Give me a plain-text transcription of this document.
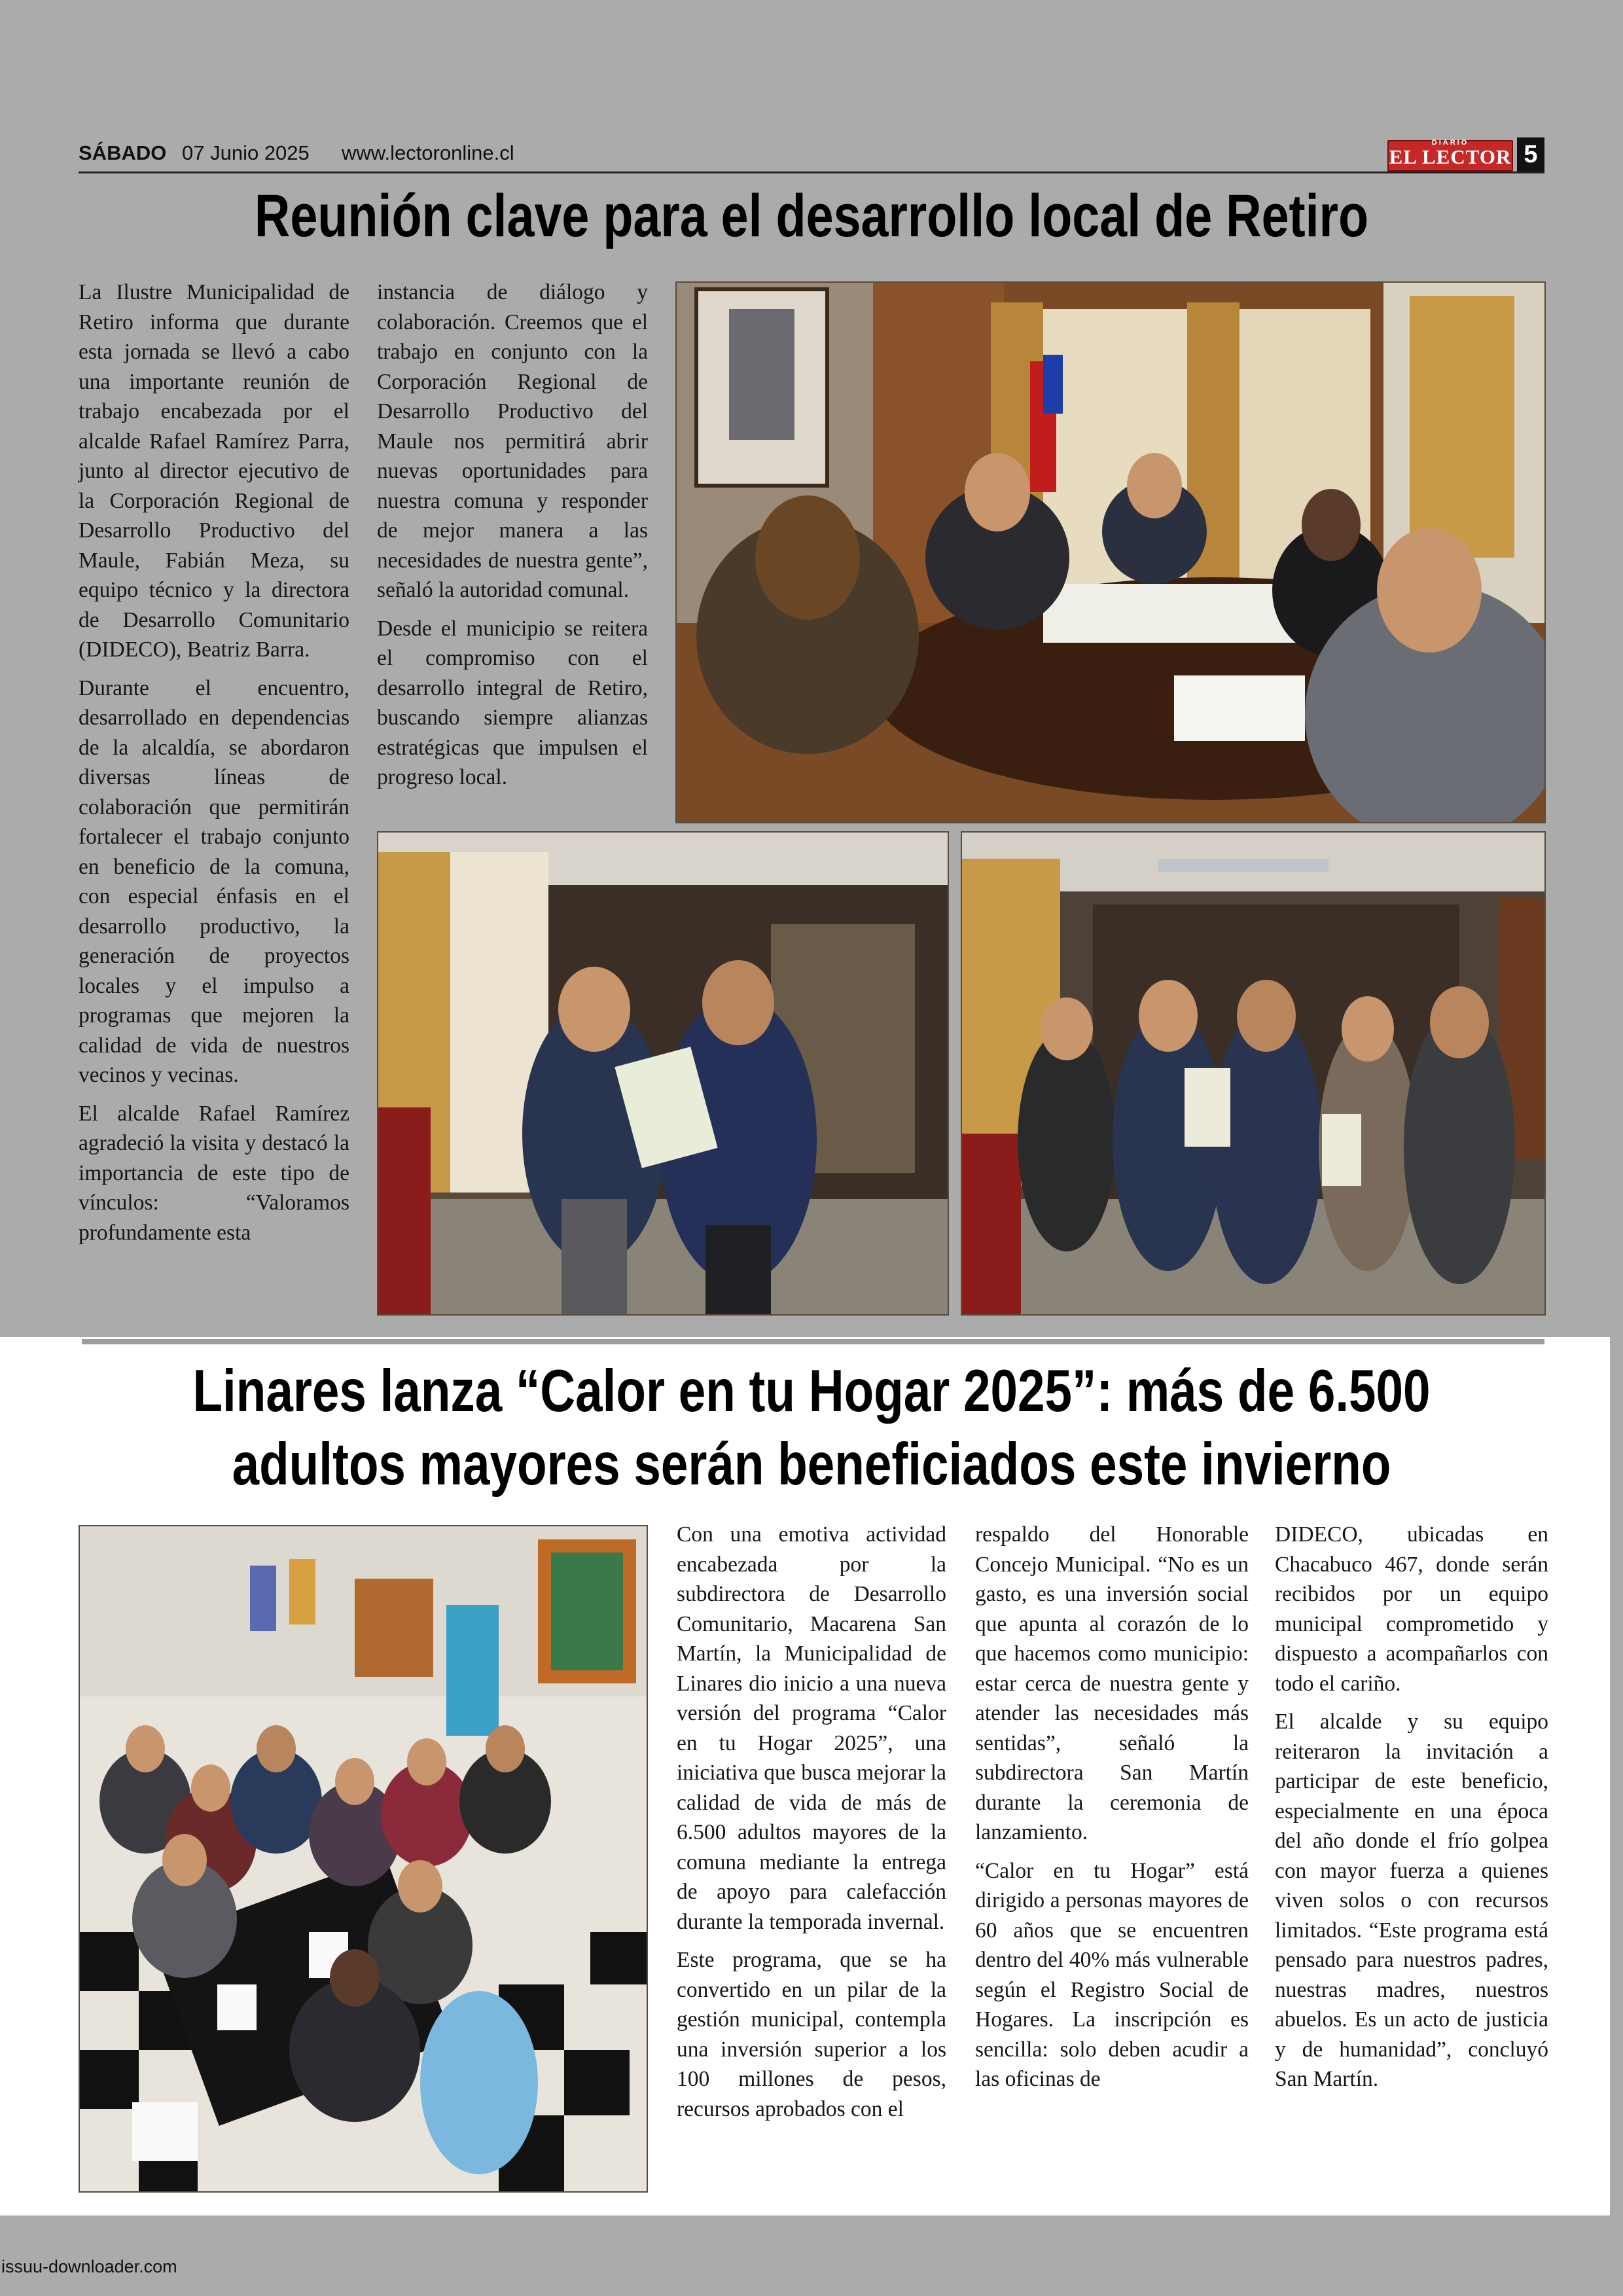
SÁBADO 07 Junio 2025 www.lectoronline.cl	DIARIO
EL LECTOR 5
Reunión clave para el desarrollo local de Retiro

La Ilustre Municipalidad de Retiro informa que durante esta jornada se llevó a cabo una importante reunión de trabajo encabezada por el alcalde Rafael Ramírez Parra, junto al director ejecutivo de la Corporación Regional de Desarrollo Productivo del Maule, Fabián Meza, su equipo técnico y la directora de Desarrollo Comunitario (DIDECO), Beatriz Barra.

Durante el encuentro, desarrollado en dependencias de la alcaldía, se abordaron diversas líneas de colaboración que permitirán fortalecer el trabajo conjunto en beneficio de la comuna, con especial énfasis en el desarrollo productivo, la generación de proyectos locales y el impulso a programas que mejoren la calidad de vida de nuestros vecinos y vecinas.

El alcalde Rafael Ramírez agradeció la visita y destacó la importancia de este tipo de vínculos: “Valoramos profundamente esta

instancia de diálogo y colaboración. Creemos que el trabajo en conjunto con la Corporación Regional de Desarrollo Productivo del Maule nos permitirá abrir nuevas oportunidades para nuestra comuna y responder de mejor manera a las necesidades de nuestra gente”, señaló la autoridad comunal.

Desde el municipio se reitera el compromiso con el desarrollo integral de Retiro, buscando siempre alianzas estratégicas que impulsen el progreso local.

Linares lanza “Calor en tu Hogar 2025”: más de 6.500
adultos mayores serán beneficiados este invierno

Con una emotiva actividad encabezada por la subdirectora de Desarrollo Comunitario, Macarena San Martín, la Municipalidad de Linares dio inicio a una nueva versión del programa “Calor en tu Hogar 2025”, una iniciativa que busca mejorar la calidad de vida de más de 6.500 adultos mayores de la comuna mediante la entrega de apoyo para calefacción durante la temporada invernal.

Este programa, que se ha convertido en un pilar de la gestión municipal, contempla una inversión superior a los 100 millones de pesos, recursos aprobados con el

respaldo del Honorable Concejo Municipal. “No es un gasto, es una inversión social que apunta al corazón de lo que hacemos como municipio: estar cerca de nuestra gente y atender las necesidades más sentidas”, señaló la subdirectora San Martín durante la ceremonia de lanzamiento.

“Calor en tu Hogar” está dirigido a personas mayores de 60 años que se encuentren dentro del 40% más vulnerable según el Registro Social de Hogares. La inscripción es sencilla: solo deben acudir a las oficinas de

DIDECO, ubicadas en Chacabuco 467, donde serán recibidos por un equipo municipal comprometido y dispuesto a acompañarlos con todo el cariño.

El alcalde y su equipo reiteraron la invitación a participar de este beneficio, especialmente en una época del año donde el frío golpea con mayor fuerza a quienes viven solos o con recursos limitados. “Este programa está pensado para nuestros padres, nuestras madres, nuestros abuelos. Es un acto de justicia y de humanidad”, concluyó San Martín.

issuu-downloader.com
